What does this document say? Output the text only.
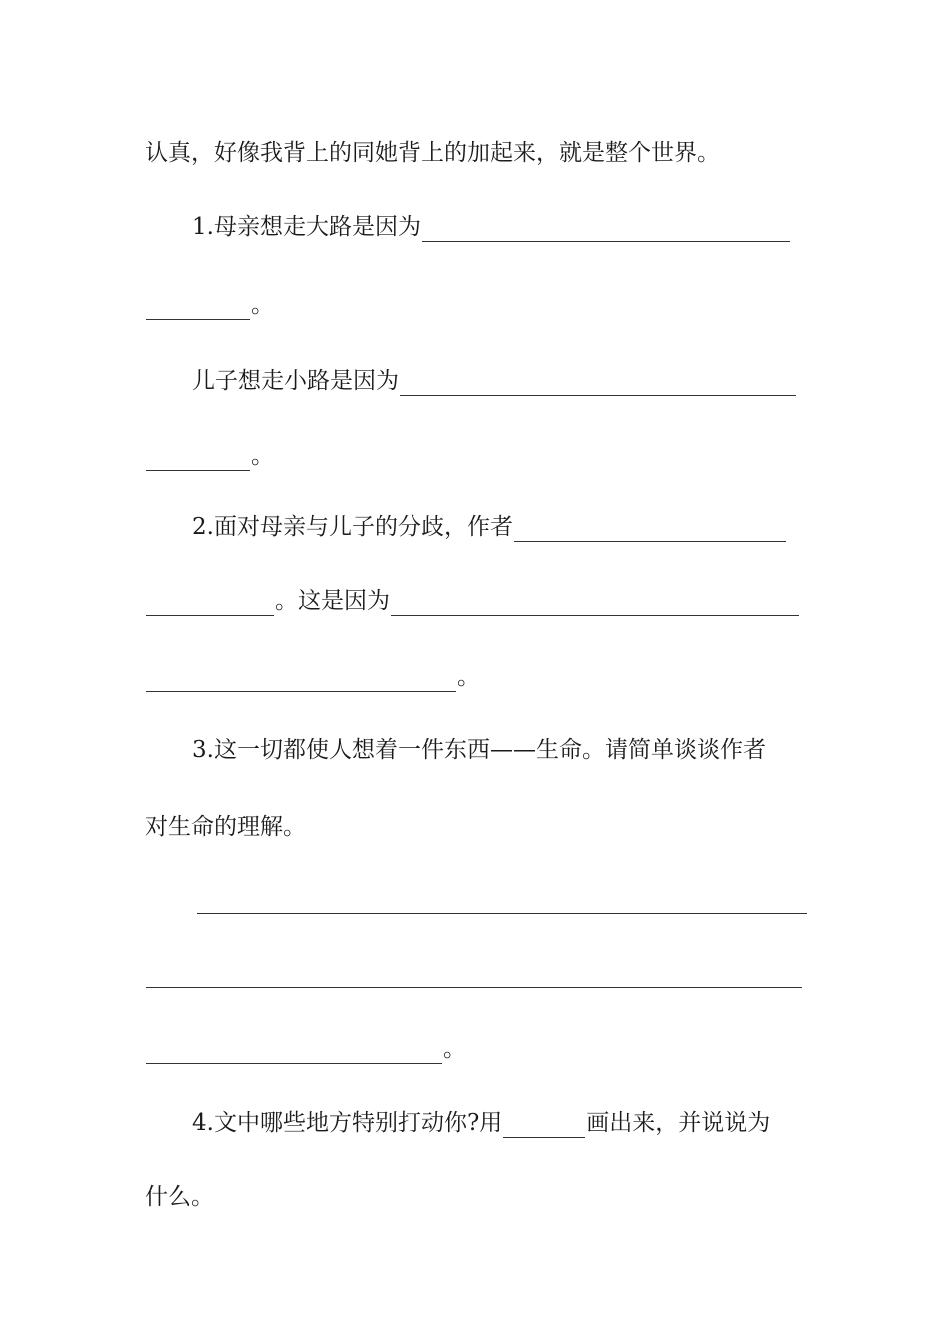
认真，好像我背上的同她背上的加起来，就是整个世界。
1. 母亲想走大路是因为
。
儿子想走小路是因为
。
2. 面对母亲与儿子的分歧，作者
。这是因为
。
3. 这一切都使人想着一件东西——生命。请简单谈谈作者
对生命的理解。
。
4. 文中哪些地方特别打动你?用	画出来，并说说为
什么。
